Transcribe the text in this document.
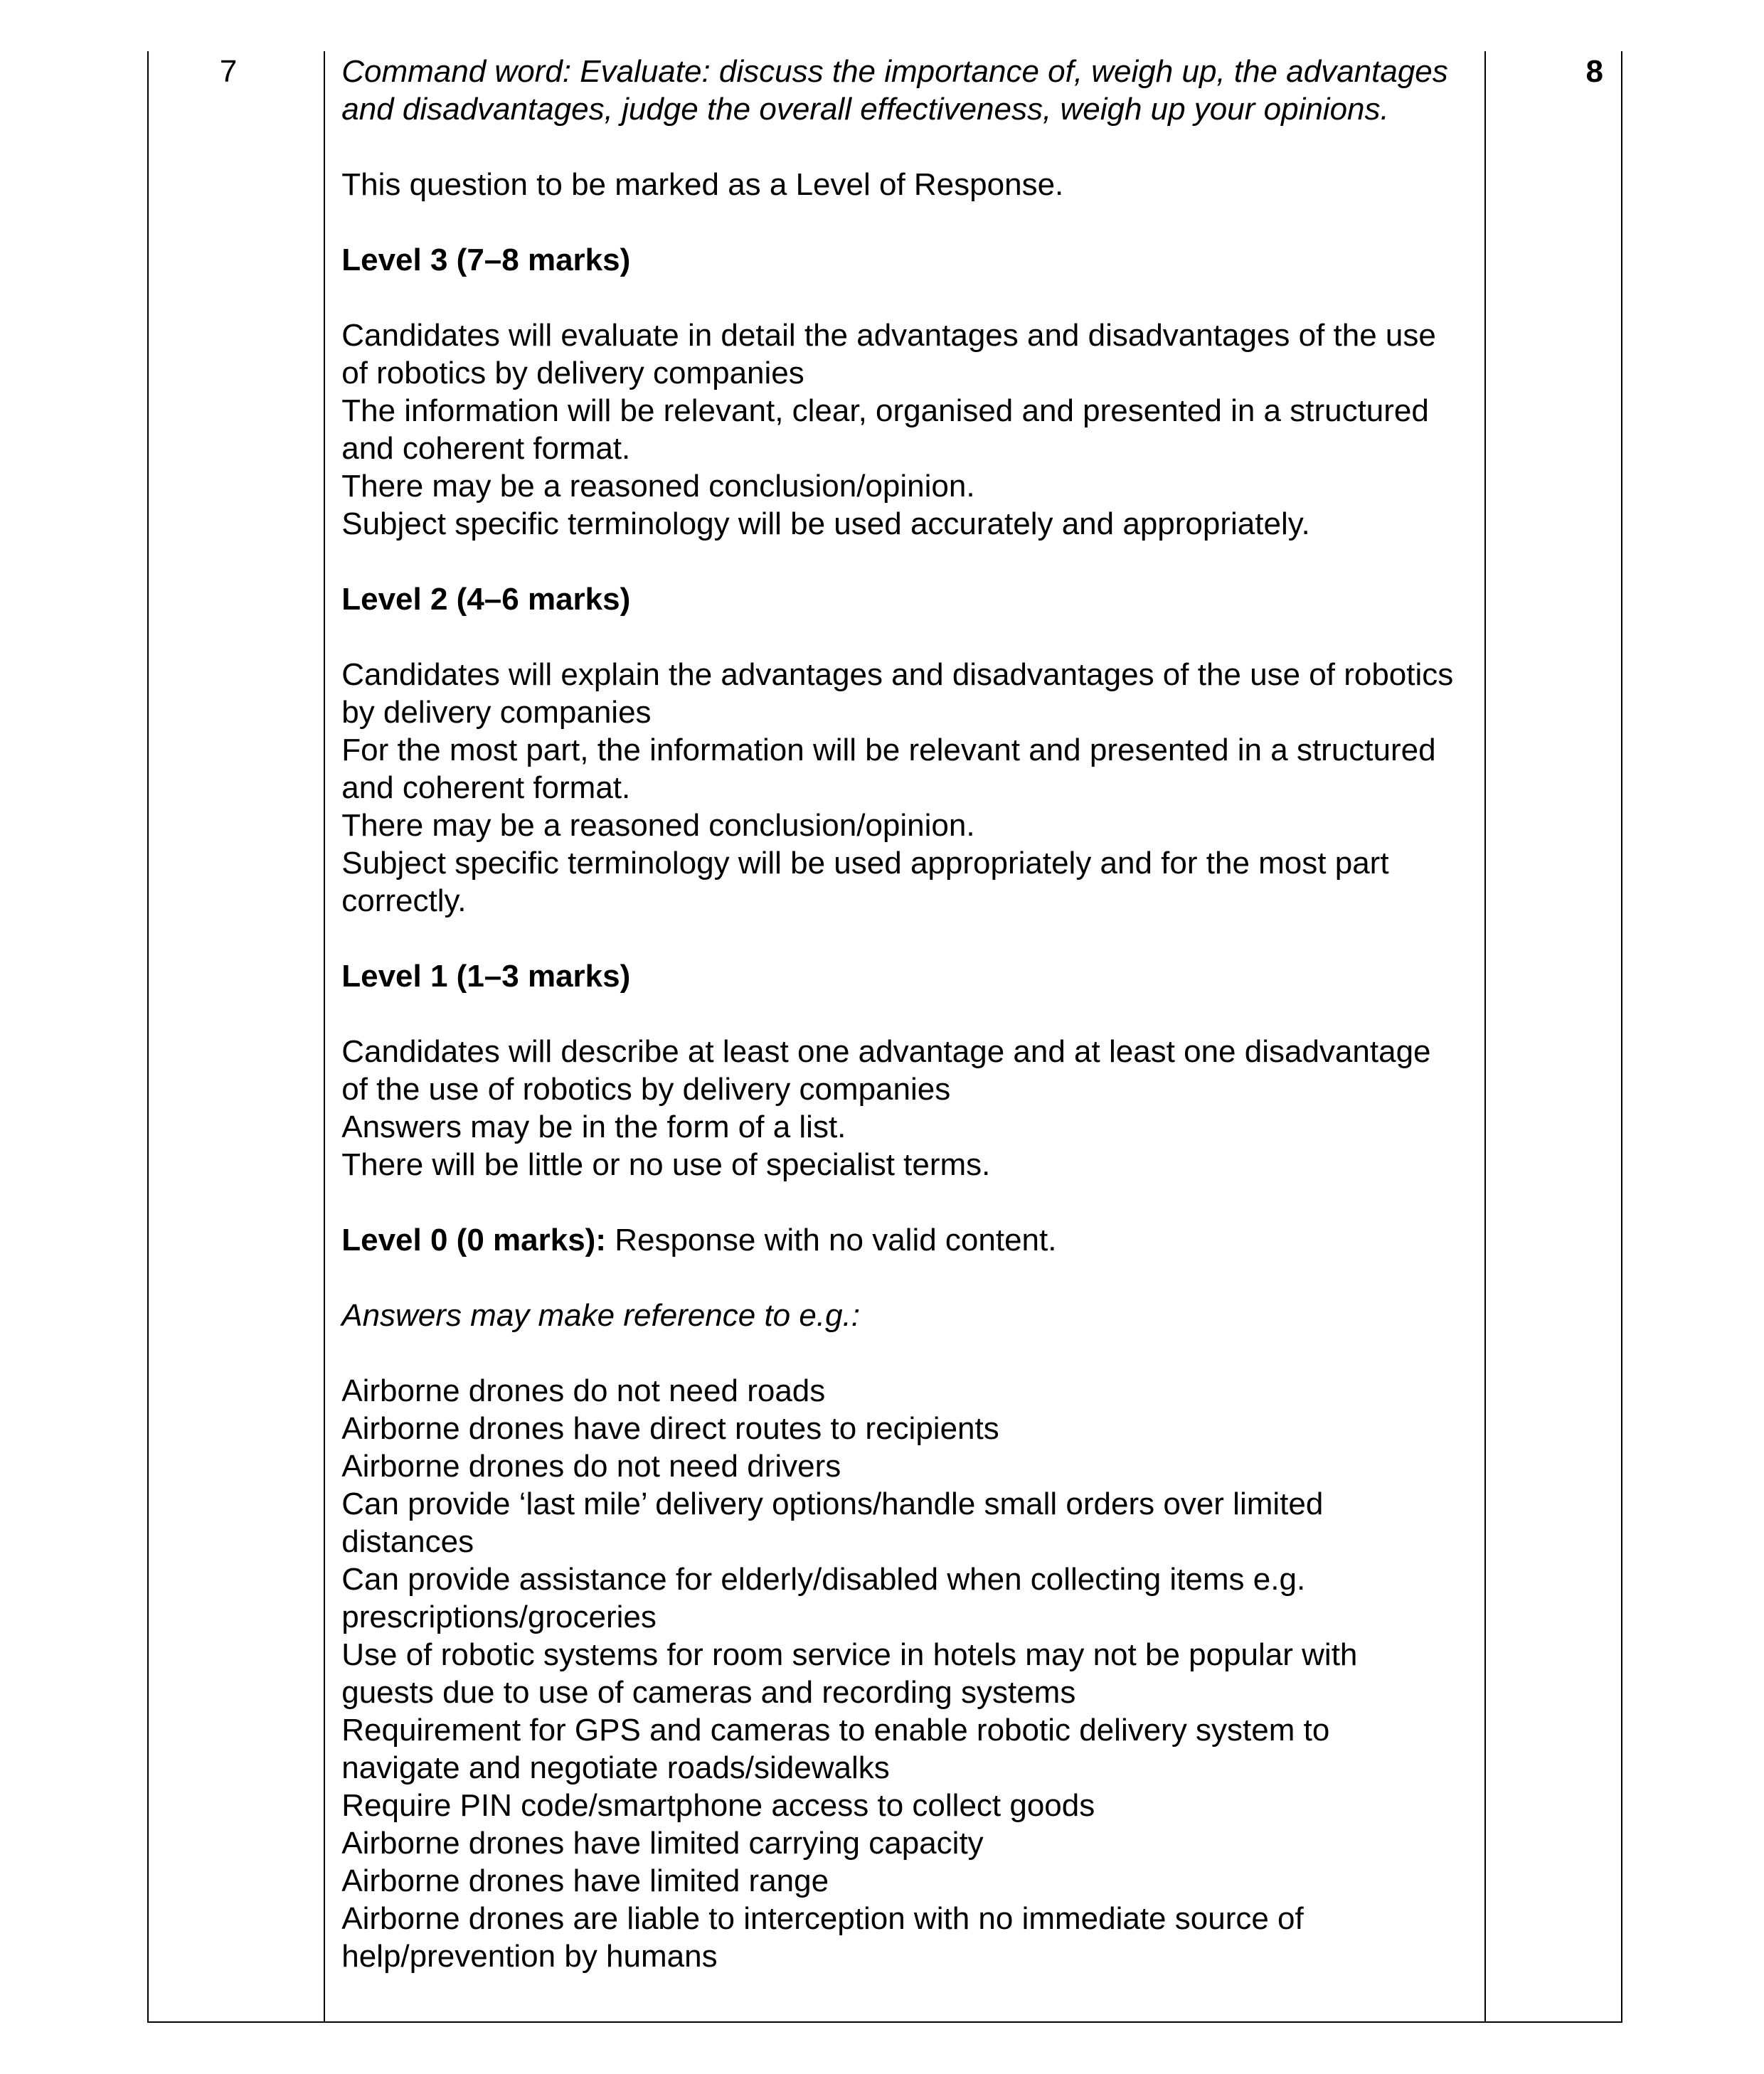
7	Command word: Evaluate: discuss the importance of, weigh up, the advantages and disadvantages, judge the overall effectiveness, weigh up your opinions.

This question to be marked as a Level of Response.

Level 3 (7–8 marks)

Candidates will evaluate in detail the advantages and disadvantages of the use of robotics by delivery companies
The information will be relevant, clear, organised and presented in a structured and coherent format.
There may be a reasoned conclusion/opinion.
Subject specific terminology will be used accurately and appropriately.

Level 2 (4–6 marks)

Candidates will explain the advantages and disadvantages of the use of robotics by delivery companies
For the most part, the information will be relevant and presented in a structured and coherent format.
There may be a reasoned conclusion/opinion.
Subject specific terminology will be used appropriately and for the most part correctly.

Level 1 (1–3 marks)

Candidates will describe at least one advantage and at least one disadvantage of the use of robotics by delivery companies
Answers may be in the form of a list.
There will be little or no use of specialist terms.

Level 0 (0 marks): Response with no valid content.

Answers may make reference to e.g.:

Airborne drones do not need roads
Airborne drones have direct routes to recipients
Airborne drones do not need drivers
Can provide ‘last mile’ delivery options/handle small orders over limited distances
Can provide assistance for elderly/disabled when collecting items e.g. prescriptions/groceries
Use of robotic systems for room service in hotels may not be popular with guests due to use of cameras and recording systems
Requirement for GPS and cameras to enable robotic delivery system to navigate and negotiate roads/sidewalks
Require PIN code/smartphone access to collect goods
Airborne drones have limited carrying capacity
Airborne drones have limited range
Airborne drones are liable to interception with no immediate source of help/prevention by humans

	8
